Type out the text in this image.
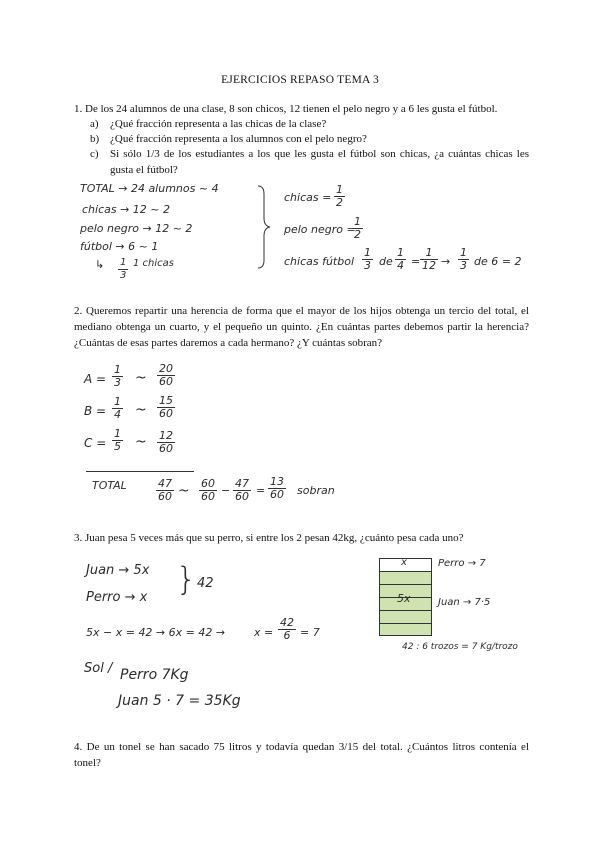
EJERCICIOS REPASO TEMA 3
1. De los 24 alumnos de una clase, 8 son chicos, 12 tienen el pelo negro y a 6 les gusta el fútbol.
a) ¿Qué fracción representa a las chicas de la clase?
b) ¿Qué fracción representa a los alumnos con el pelo negro?
c) Si sólo 1/3 de los estudiantes a los que les gusta el fútbol son chicas, ¿a cuántas chicas les gusta el fútbol?
TOTAL → 24 alumnos ~ 4
chicas → 12 ~ 2
pelo negro → 12 ~ 2
fútbol → 6 ~ 1
↳	1 chicas
$\frac{1}{3}$
chicas = $\frac{1}{2}$
pelo negro =
$\frac{1}{2}$
chicas fútbol $\frac{1}{3}$ de $\frac{1}{4} = \frac{1}{12} \to \frac{1}{3}$ de 6 = 2
2. Queremos repartir una herencia de forma que el mayor de los hijos obtenga un tercio del total, el mediano obtenga un cuarto, y el pequeño un quinto. ¿En cuántas partes debemos partir la herencia? ¿Cuántas de esas partes daremos a cada hermano? ¿Y cuántas sobran?
$A = \frac{1}{3}$ ~ $\frac{20}{60}$
$B = \frac{1}{4}$ ~ $\frac{15}{60}$
$C = \frac{1}{5}$ ~ $\frac{12}{60}$
TOTAL	$\frac{47}{60}$ ~ $\frac{60}{60} - \frac{47}{60} = \frac{13}{60}$ sobran
3. Juan pesa 5 veces más que su perro, si entre los 2 pesan 42kg, ¿cuánto pesa cada uno?
Juan → 5x
Perro → x } 42
5x − x = 42 → 6x = 42 →	$x = \frac{42}{6} = 7$
Sol / Perro 7Kg
Juan 5 · 7 = 35Kg
x
5x
Perro → 7
Juan → 7·5
42 : 6 trozos = 7 Kg/trozo
4. De un tonel se han sacado 75 litros y todavía quedan 3/15 del total. ¿Cuántos litros contenía el tonel?
